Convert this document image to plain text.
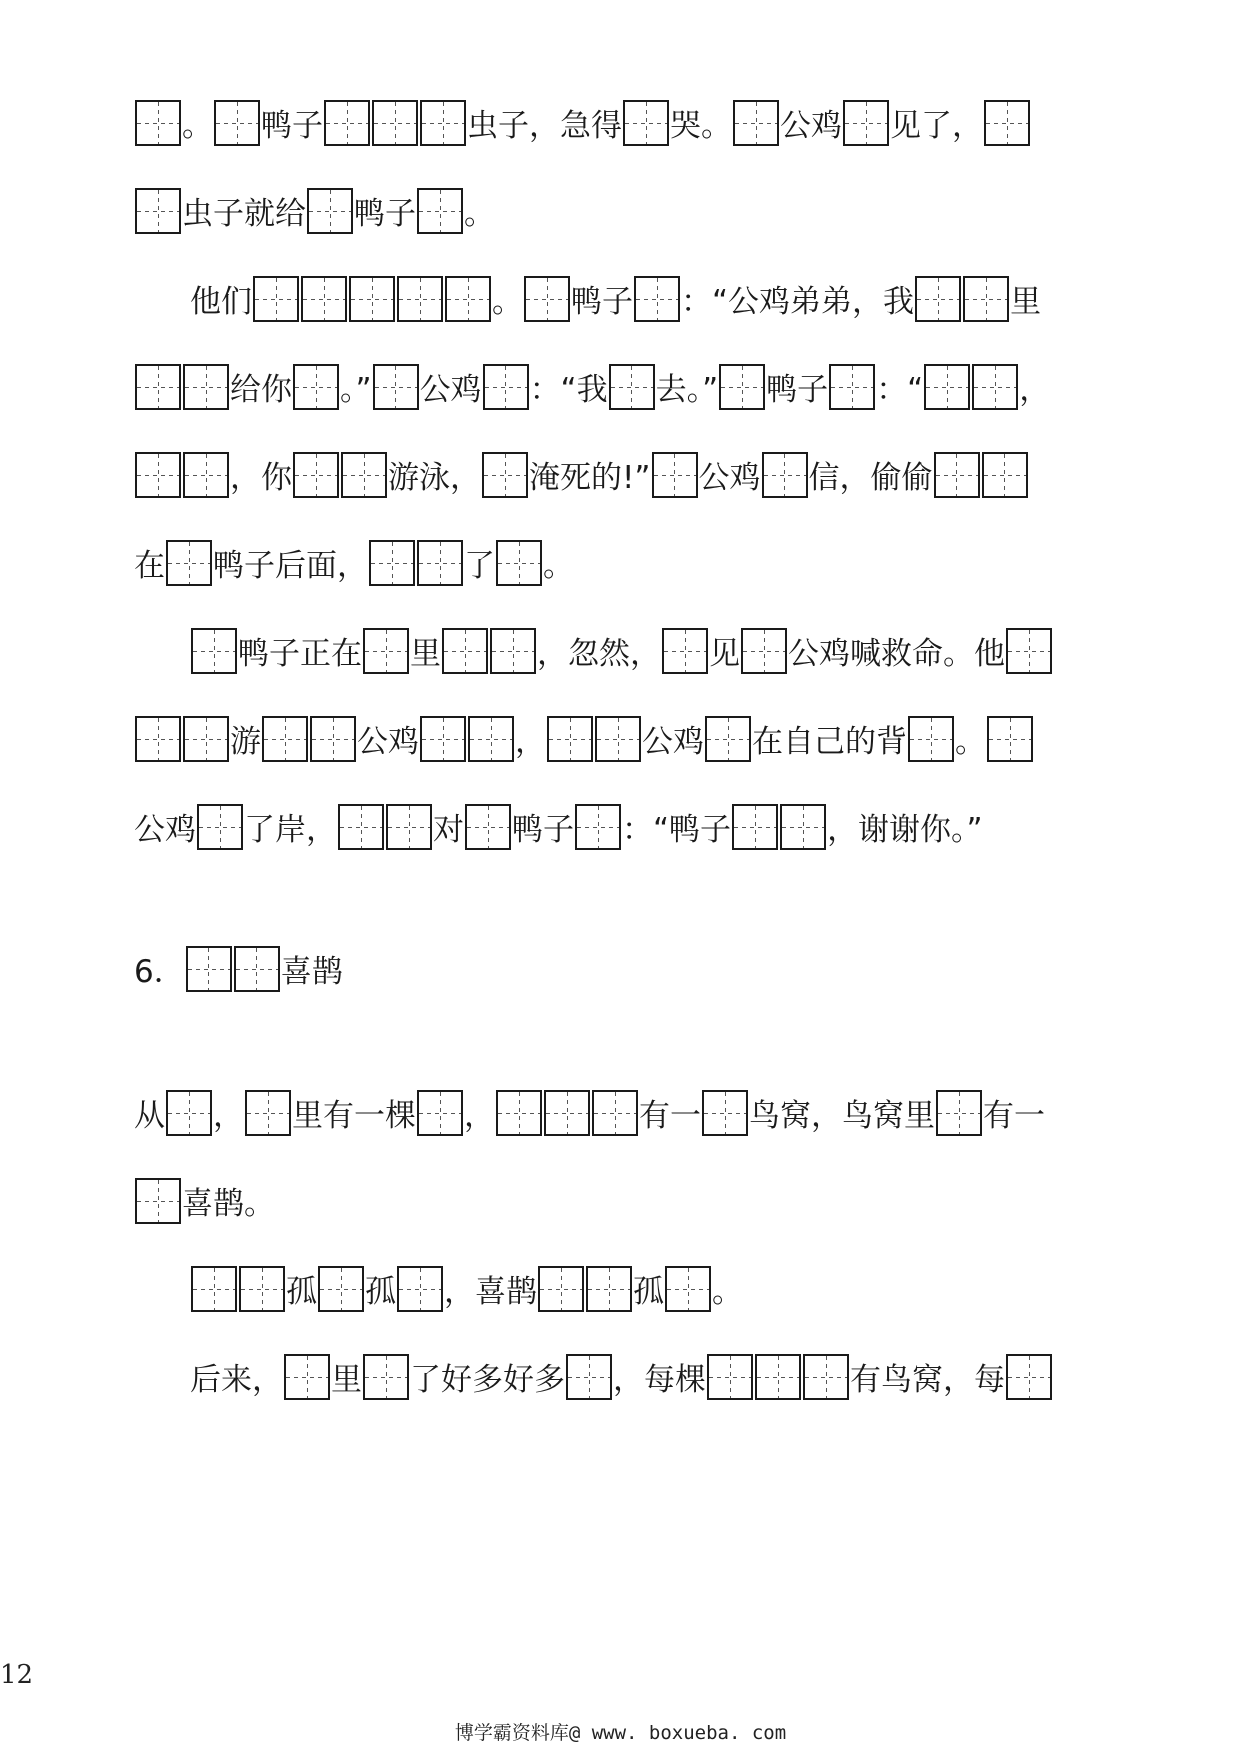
。 鸭子	虫子，急得 哭。 公鸡 见了，
虫子就给 鸭子 。
他们	。 鸭子 ：“公鸡弟弟，我	里
给你 。” 公鸡 ：“我 去。” 鸭子 ：“	，
，你	游泳， 淹死的!” 公鸡 信，偷偷
在 鸭子后面，	了 。
鸭子正在 里	，忽然， 见 公鸡喊救命。他
游	公鸡	，	公鸡 在自己的背 。
公鸡 了岸，	对 鸭子 ：“鸭子	，谢谢你。”
6．	喜鹊
从 ， 里有一棵 ，	有一 鸟窝，鸟窝里 有一
喜鹊。
孤 孤 ，喜鹊	孤 。
后来， 里 了好多好多 ，每棵	有鸟窝，每
12
博学霸资料库@ www. boxueba. com
